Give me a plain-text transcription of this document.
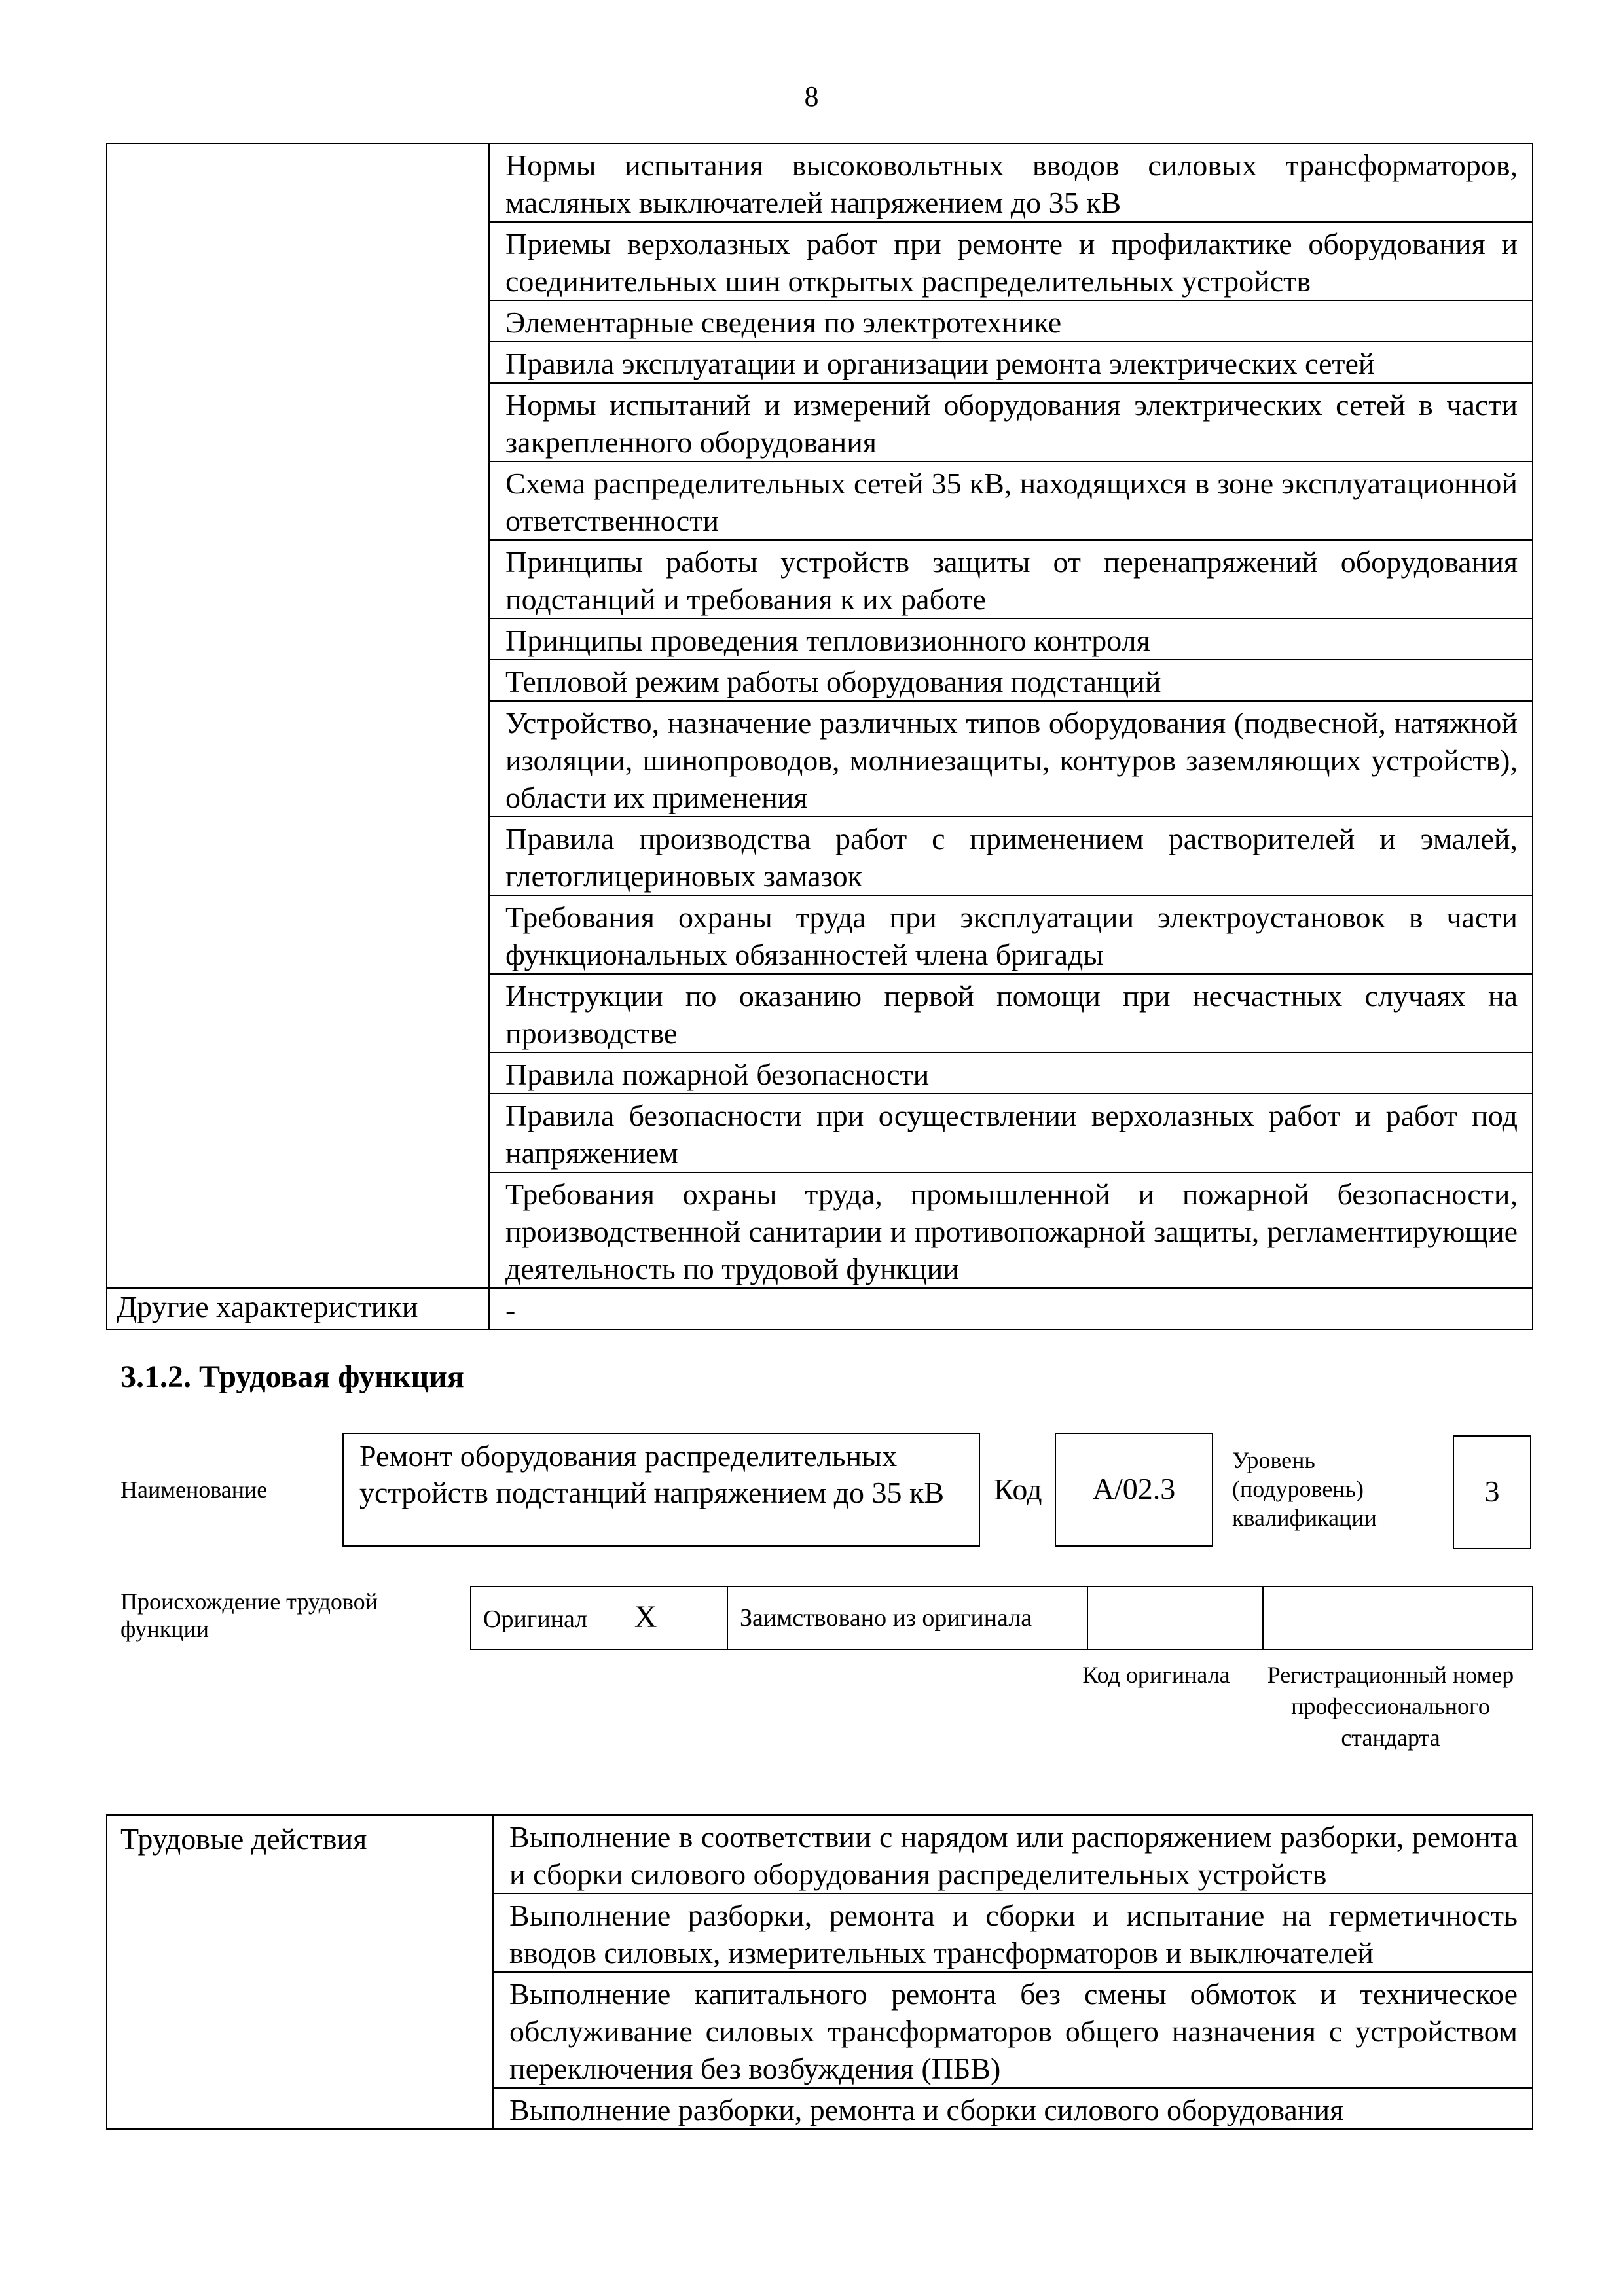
8
	Нормы испытания высоковольтных вводов силовых трансформаторов, масляных выключателей напряжением до 35 кВ
	Приемы верхолазных работ при ремонте и профилактике оборудования и соединительных шин открытых распределительных устройств
	Элементарные сведения по электротехнике
	Правила эксплуатации и организации ремонта электрических сетей
	Нормы испытаний и измерений оборудования электрических сетей в части закрепленного оборудования
	Схема распределительных сетей 35 кВ, находящихся в зоне эксплуатационной ответственности
	Принципы работы устройств защиты от перенапряжений оборудования подстанций и требования к их работе
	Принципы проведения тепловизионного контроля
	Тепловой режим работы оборудования подстанций
	Устройство, назначение различных типов оборудования (подвесной, натяжной изоляции, шинопроводов, молниезащиты, контуров заземляющих устройств), области их применения
	Правила производства работ с применением растворителей и эмалей, глетоглицериновых замазок
	Требования охраны труда при эксплуатации электроустановок в части функциональных обязанностей члена бригады
	Инструкции по оказанию первой помощи при несчастных случаях на производстве
	Правила пожарной безопасности
	Правила безопасности при осуществлении верхолазных работ и работ под напряжением
	Требования охраны труда, промышленной и пожарной безопасности, производственной санитарии и противопожарной защиты, регламентирующие деятельность по трудовой функции
Другие характеристики	-
3.1.2. Трудовая функция
Наименование
Ремонт оборудования распределительных устройств подстанций напряжением до 35 кВ	Код	A/02.3
Уровень (подуровень) квалификации
3
Происхождение трудовой функции	Оригинал X	Заимствовано из оригинала		
Код оригинала	Регистрационный номер профессионального стандарта
Трудовые действия	Выполнение в соответствии с нарядом или распоряжением разборки, ремонта и сборки силового оборудования распределительных устройств
Выполнение разборки, ремонта и сборки и испытание на герметичность вводов силовых, измерительных трансформаторов и выключателей
Выполнение капитального ремонта без смены обмоток и техническое обслуживание силовых трансформаторов общего назначения с устройством переключения без возбуждения (ПБВ)
Выполнение разборки, ремонта и сборки силового оборудования
